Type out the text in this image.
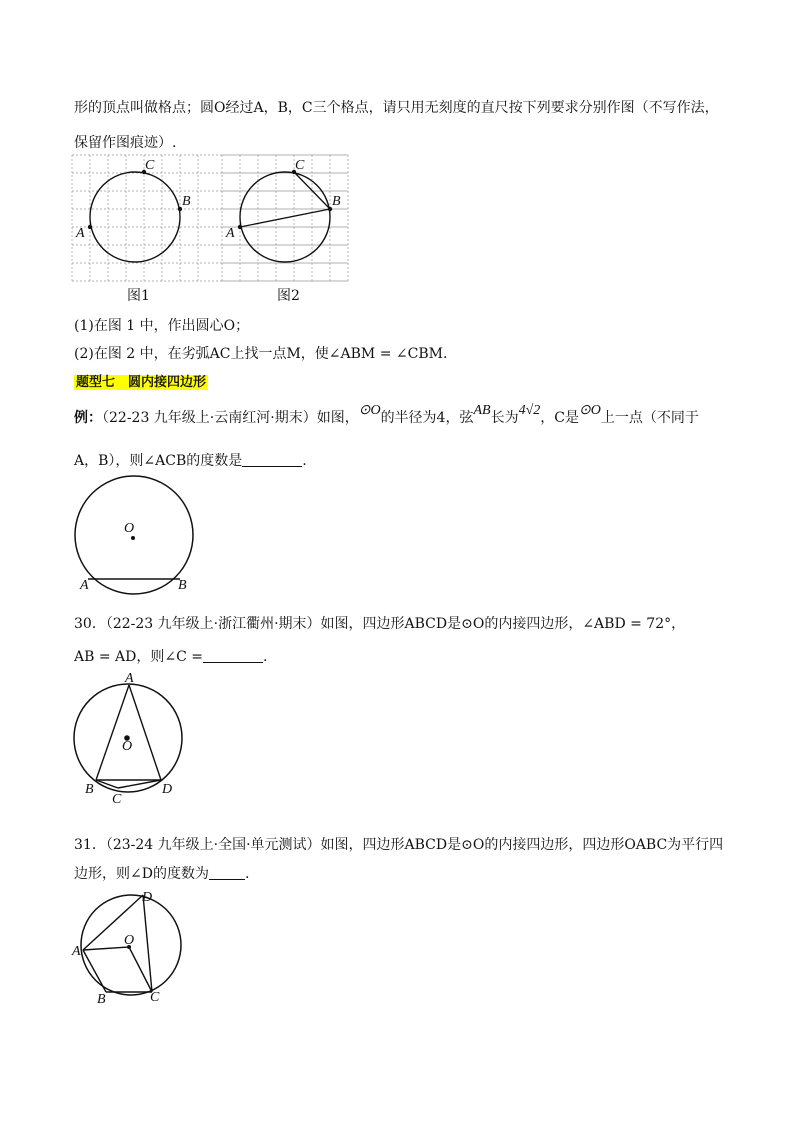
形的顶点叫做格点；圆O经过A，B，C三个格点，请只用无刻度的直尺按下列要求分别作图（不写作法，
保留作图痕迹）.
C
B
A
图1
C
B
A
图2
(1)在图 1 中，作出圆心O；
(2)在图 2 中，在劣弧AC上找一点M，使∠ABM = ∠CBM.
题型七　圆内接四边形
例：（22-23 九年级上·云南红河·期末）如图，⊙O的半径为4，弦AB长为4√2，C是⊙O上一点（不同于
A，B），则∠ACB的度数是	.
O
A	B
30．（22-23 九年级上·浙江衢州·期末）如图，四边形ABCD是⊙O的内接四边形，∠ABD = 72°，
AB = AD，则∠C =	.
A
O
B
C
D
31．（23-24 九年级上·全国·单元测试）如图，四边形ABCD是⊙O的内接四边形，四边形OABC为平行四
边形，则∠D的度数为	.
D
O
A
B	C
